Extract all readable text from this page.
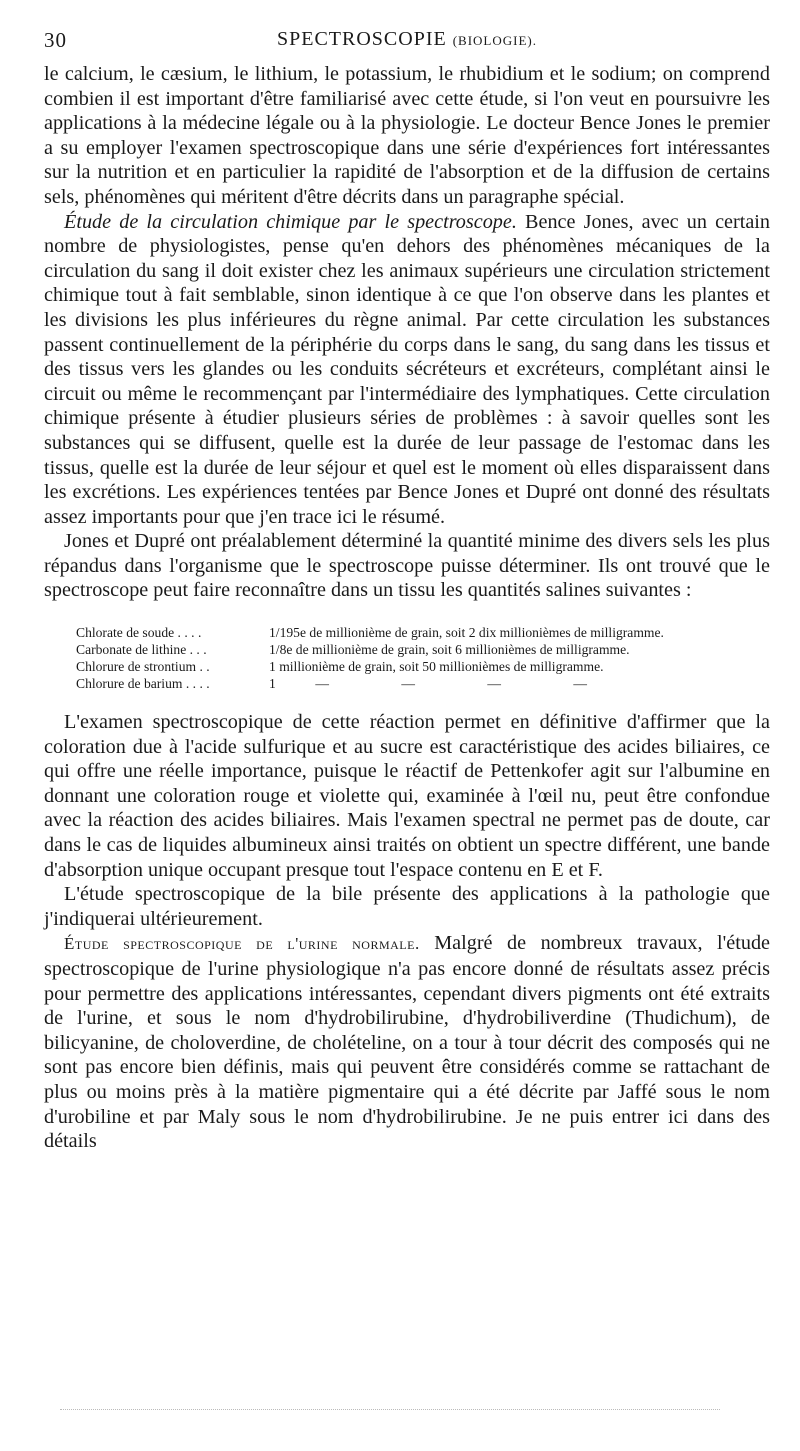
30	SPECTROSCOPIE (BIOLOGIE).

le calcium, le cæsium, le lithium, le potassium, le rhubidium et le sodium; on comprend combien il est important d'être familiarisé avec cette étude, si l'on veut en poursuivre les applications à la médecine légale ou à la physiologie. Le docteur Bence Jones le premier a su employer l'examen spectroscopique dans une série d'expériences fort intéressantes sur la nutrition et en particulier la rapidité de l'absorption et de la diffusion de certains sels, phénomènes qui méritent d'être décrits dans un paragraphe spécial.

Étude de la circulation chimique par le spectroscope. Bence Jones, avec un certain nombre de physiologistes, pense qu'en dehors des phénomènes mécaniques de la circulation du sang il doit exister chez les animaux supérieurs une circulation strictement chimique tout à fait semblable, sinon identique à ce que l'on observe dans les plantes et les divisions les plus inférieures du règne animal. Par cette circulation les substances passent continuellement de la périphérie du corps dans le sang, du sang dans les tissus et des tissus vers les glandes ou les conduits sécréteurs et excréteurs, complétant ainsi le circuit ou même le recommençant par l'intermédiaire des lymphatiques. Cette circulation chimique présente à étudier plusieurs séries de problèmes : à savoir quelles sont les substances qui se diffusent, quelle est la durée de leur passage de l'estomac dans les tissus, quelle est la durée de leur séjour et quel est le moment où elles disparaissent dans les excrétions. Les expériences tentées par Bence Jones et Dupré ont donné des résultats assez importants pour que j'en trace ici le résumé.

Jones et Dupré ont préalablement déterminé la quantité minime des divers sels les plus répandus dans l'organisme que le spectroscope puisse déterminer. Ils ont trouvé que le spectroscope peut faire reconnaître dans un tissu les quantités salines suivantes :

Chlorate de soude . . . .	1/195e de millionième de grain, soit 2 dix millionièmes de milligramme.
Carbonate de lithine . . .	1/8e de millionième de grain, soit 6 millionièmes de milligramme.
Chlorure de strontium . .	1 millionième de grain, soit 50 millionièmes de milligramme.
Chlorure de barium . . . .	1	—	—	—	—

L'examen spectroscopique de cette réaction permet en définitive d'affirmer que la coloration due à l'acide sulfurique et au sucre est caractéristique des acides biliaires, ce qui offre une réelle importance, puisque le réactif de Pettenkofer agit sur l'albumine en donnant une coloration rouge et violette qui, examinée à l'œil nu, peut être confondue avec la réaction des acides biliaires. Mais l'examen spectral ne permet pas de doute, car dans le cas de liquides albumineux ainsi traités on obtient un spectre différent, une bande d'absorption unique occupant presque tout l'espace contenu en E et F.

L'étude spectroscopique de la bile présente des applications à la pathologie que j'indiquerai ultérieurement.

Étude spectroscopique de l'urine normale. Malgré de nombreux travaux, l'étude spectroscopique de l'urine physiologique n'a pas encore donné de résultats assez précis pour permettre des applications intéressantes, cependant divers pigments ont été extraits de l'urine, et sous le nom d'hydrobilirubine, d'hydrobiliverdine (Thudichum), de bilicyanine, de choloverdine, de cholételine, on a tour à tour décrit des composés qui ne sont pas encore bien définis, mais qui peuvent être considérés comme se rattachant de plus ou moins près à la matière pigmentaire qui a été décrite par Jaffé sous le nom d'urobiline et par Maly sous le nom d'hydrobilirubine. Je ne puis entrer ici dans des détails
